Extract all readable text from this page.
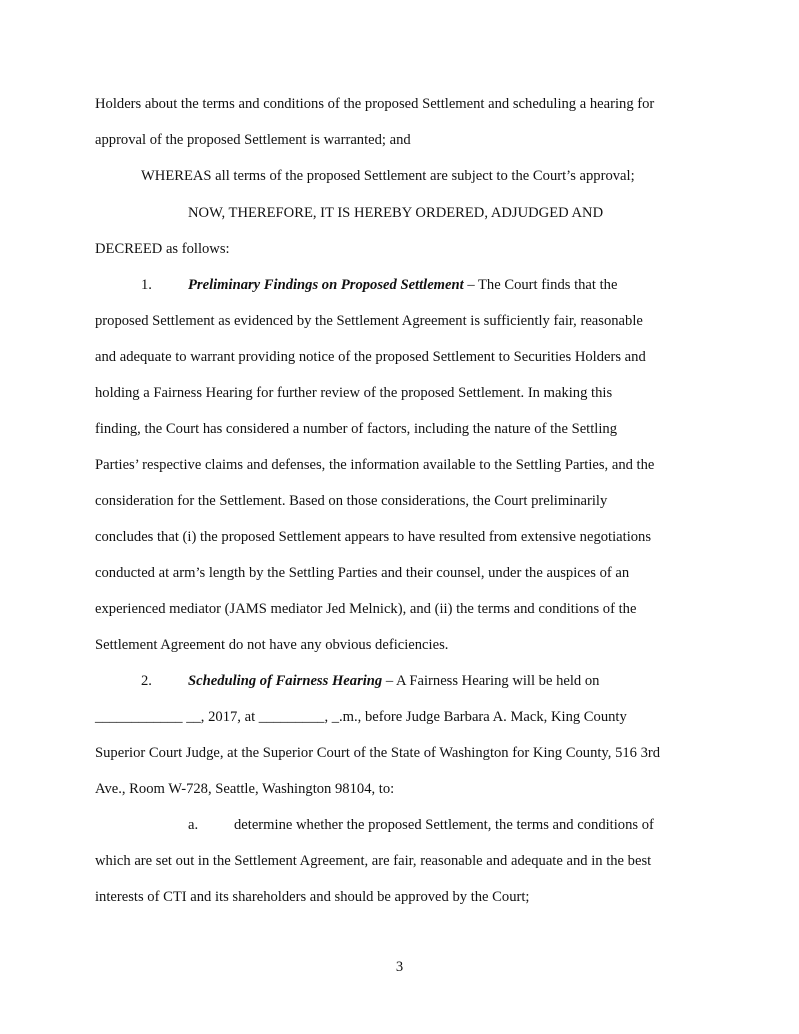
Holders about the terms and conditions of the proposed Settlement and scheduling a hearing for
approval of the proposed Settlement is warranted; and
WHEREAS all terms of the proposed Settlement are subject to the Court’s approval;
NOW, THEREFORE, IT IS HEREBY ORDERED, ADJUDGED AND
DECREED as follows:
1. Preliminary Findings on Proposed Settlement – The Court finds that the
proposed Settlement as evidenced by the Settlement Agreement is sufficiently fair, reasonable
and adequate to warrant providing notice of the proposed Settlement to Securities Holders and
holding a Fairness Hearing for further review of the proposed Settlement. In making this
finding, the Court has considered a number of factors, including the nature of the Settling
Parties’ respective claims and defenses, the information available to the Settling Parties, and the
consideration for the Settlement. Based on those considerations, the Court preliminarily
concludes that (i) the proposed Settlement appears to have resulted from extensive negotiations
conducted at arm’s length by the Settling Parties and their counsel, under the auspices of an
experienced mediator (JAMS mediator Jed Melnick), and (ii) the terms and conditions of the
Settlement Agreement do not have any obvious deficiencies.
2. Scheduling of Fairness Hearing – A Fairness Hearing will be held on
____________ __, 2017, at _________, _.m., before Judge Barbara A. Mack, King County
Superior Court Judge, at the Superior Court of the State of Washington for King County, 516 3rd
Ave., Room W-728, Seattle, Washington 98104, to:
a. determine whether the proposed Settlement, the terms and conditions of
which are set out in the Settlement Agreement, are fair, reasonable and adequate and in the best
interests of CTI and its shareholders and should be approved by the Court;
3
